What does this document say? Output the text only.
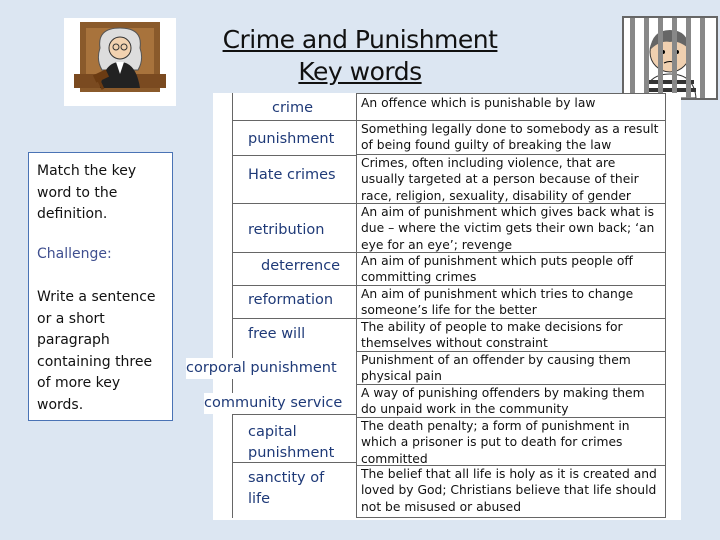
Crime and Punishment
Key words

Match the key word to the definition.

Challenge:

Write a sentence or a short paragraph containing three of more key words.

crime
punishment
Hate crimes
retribution
deterrence
reformation
free will
corporal punishment
community service
capital punishment
sanctity of life
An offence which is punishable by law
Something legally done to somebody as a result of being found guilty of breaking the law
Crimes, often including violence, that are usually targeted at a person because of their race, religion, sexuality, disability of gender
An aim of punishment which gives back what is due – where the victim gets their own back; ‘an eye for an eye’; revenge
An aim of punishment which puts people off committing crimes
An aim of punishment which tries to change someone’s life for the better
The ability of people to make decisions for themselves without constraint
Punishment of an offender by causing them physical pain
A way of punishing offenders by making them do unpaid work in the community
The death penalty; a form of punishment in which a prisoner is put to death for crimes committed
The belief that all life is holy as it is created and loved by God; Christians believe that life should not be misused or abused
